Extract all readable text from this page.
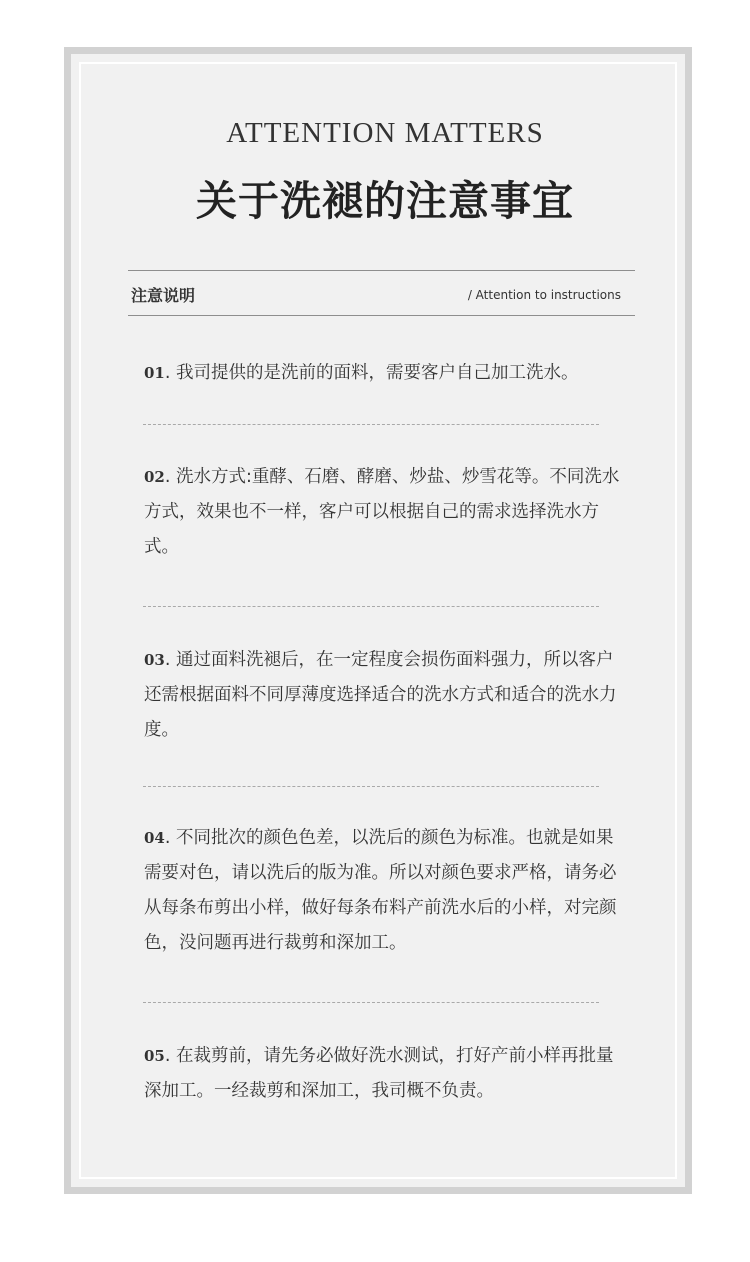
ATTENTION MATTERS
关于洗褪的注意事宜
注意说明	/ Attention to instructions
01. 我司提供的是洗前的面料，需要客户自己加工洗水。
02. 洗水方式:重酵、石磨、酵磨、炒盐、炒雪花等。不同洗水方式，效果也不一样，客户可以根据自己的需求选择洗水方式。
03. 通过面料洗褪后，在一定程度会损伤面料强力，所以客户还需根据面料不同厚薄度选择适合的洗水方式和适合的洗水力度。
04. 不同批次的颜色色差，以洗后的颜色为标准。也就是如果需要对色，请以洗后的版为准。所以对颜色要求严格，请务必从每条布剪出小样，做好每条布料产前洗水后的小样，对完颜色，没问题再进行裁剪和深加工。
05. 在裁剪前，请先务必做好洗水测试，打好产前小样再批量深加工。一经裁剪和深加工，我司概不负责。
